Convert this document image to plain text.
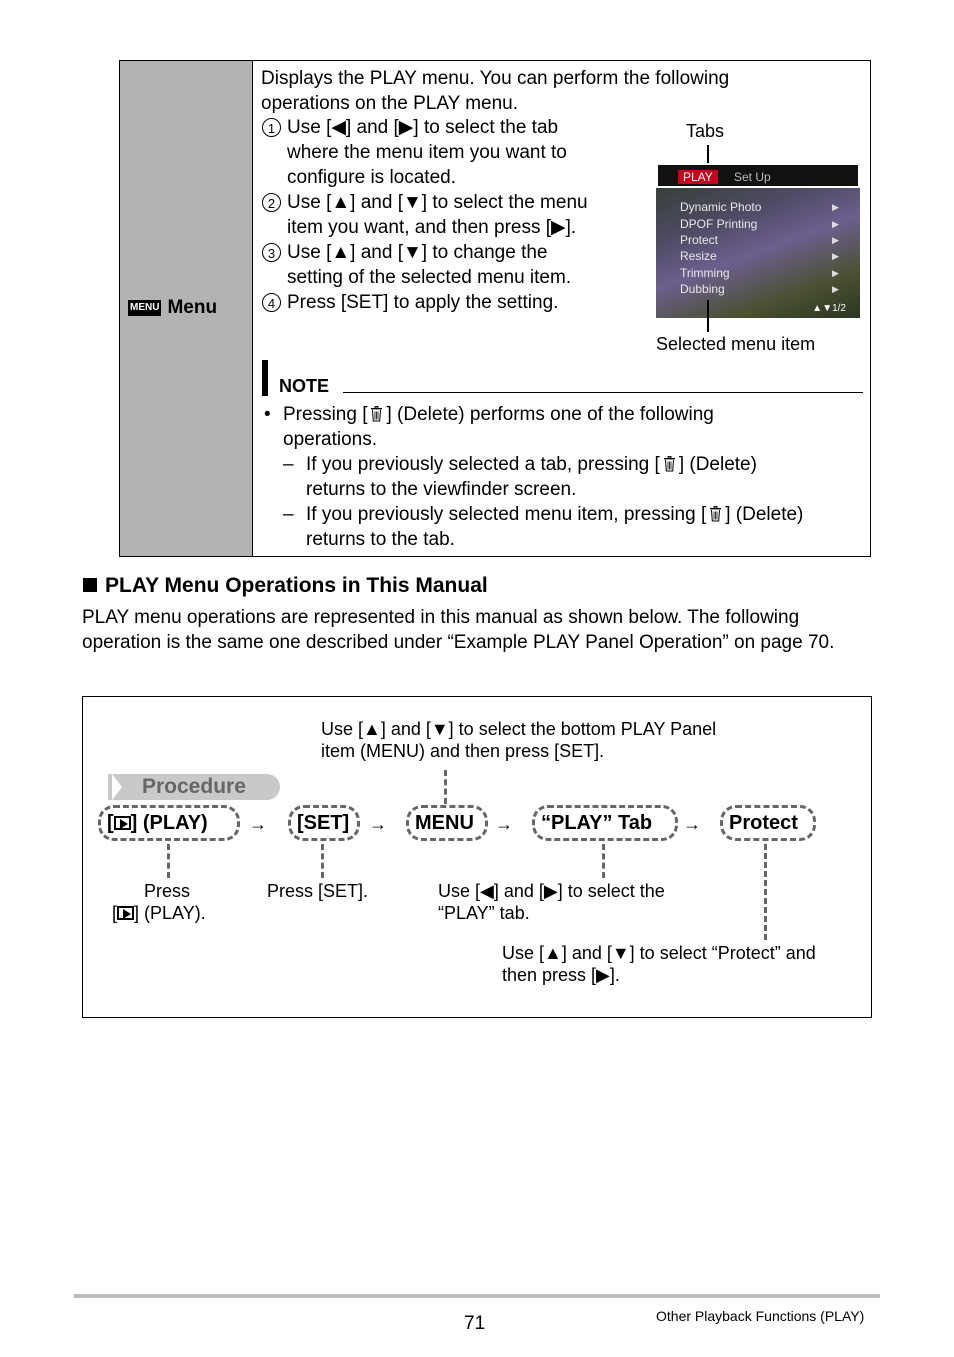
MENU Menu
Displays the PLAY menu. You can perform the following operations on the PLAY menu.
1 Use [◀] and [▶] to select the tab
where the menu item you want to
configure is located.
2 Use [▲] and [▼] to select the menu
item you want, and then press [▶].
3 Use [▲] and [▼] to change the
setting of the selected menu item.
4 Press [SET] to apply the setting.
Tabs
PLAY	Set Up
Dynamic Photo
DPOF Printing
Protect
Resize
Trimming
Dubbing
▶
▶
▶
▶
▶
▶
▲▼1/2
Selected menu item
NOTE
• Pressing [ ] (Delete) performs one of the following
operations.
– If you previously selected a tab, pressing [ ] (Delete)
returns to the viewfinder screen.
– If you previously selected menu item, pressing [ ] (Delete)
returns to the tab.
PLAY Menu Operations in This Manual
PLAY menu operations are represented in this manual as shown below. The following operation is the same one described under “Example PLAY Panel Operation” on page 70.
Use [▲] and [▼] to select the bottom PLAY Panel
item (MENU) and then press [SET].
Procedure
[ ] (PLAY)	→	[SET]	→	MENU	→	“PLAY” Tab	→	Protect
Press
[ ] (PLAY).
Press [SET].	Use [◀] and [▶] to select the
“PLAY” tab.
Use [▲] and [▼] to select “Protect” and
then press [▶].
71	Other Playback Functions (PLAY)
